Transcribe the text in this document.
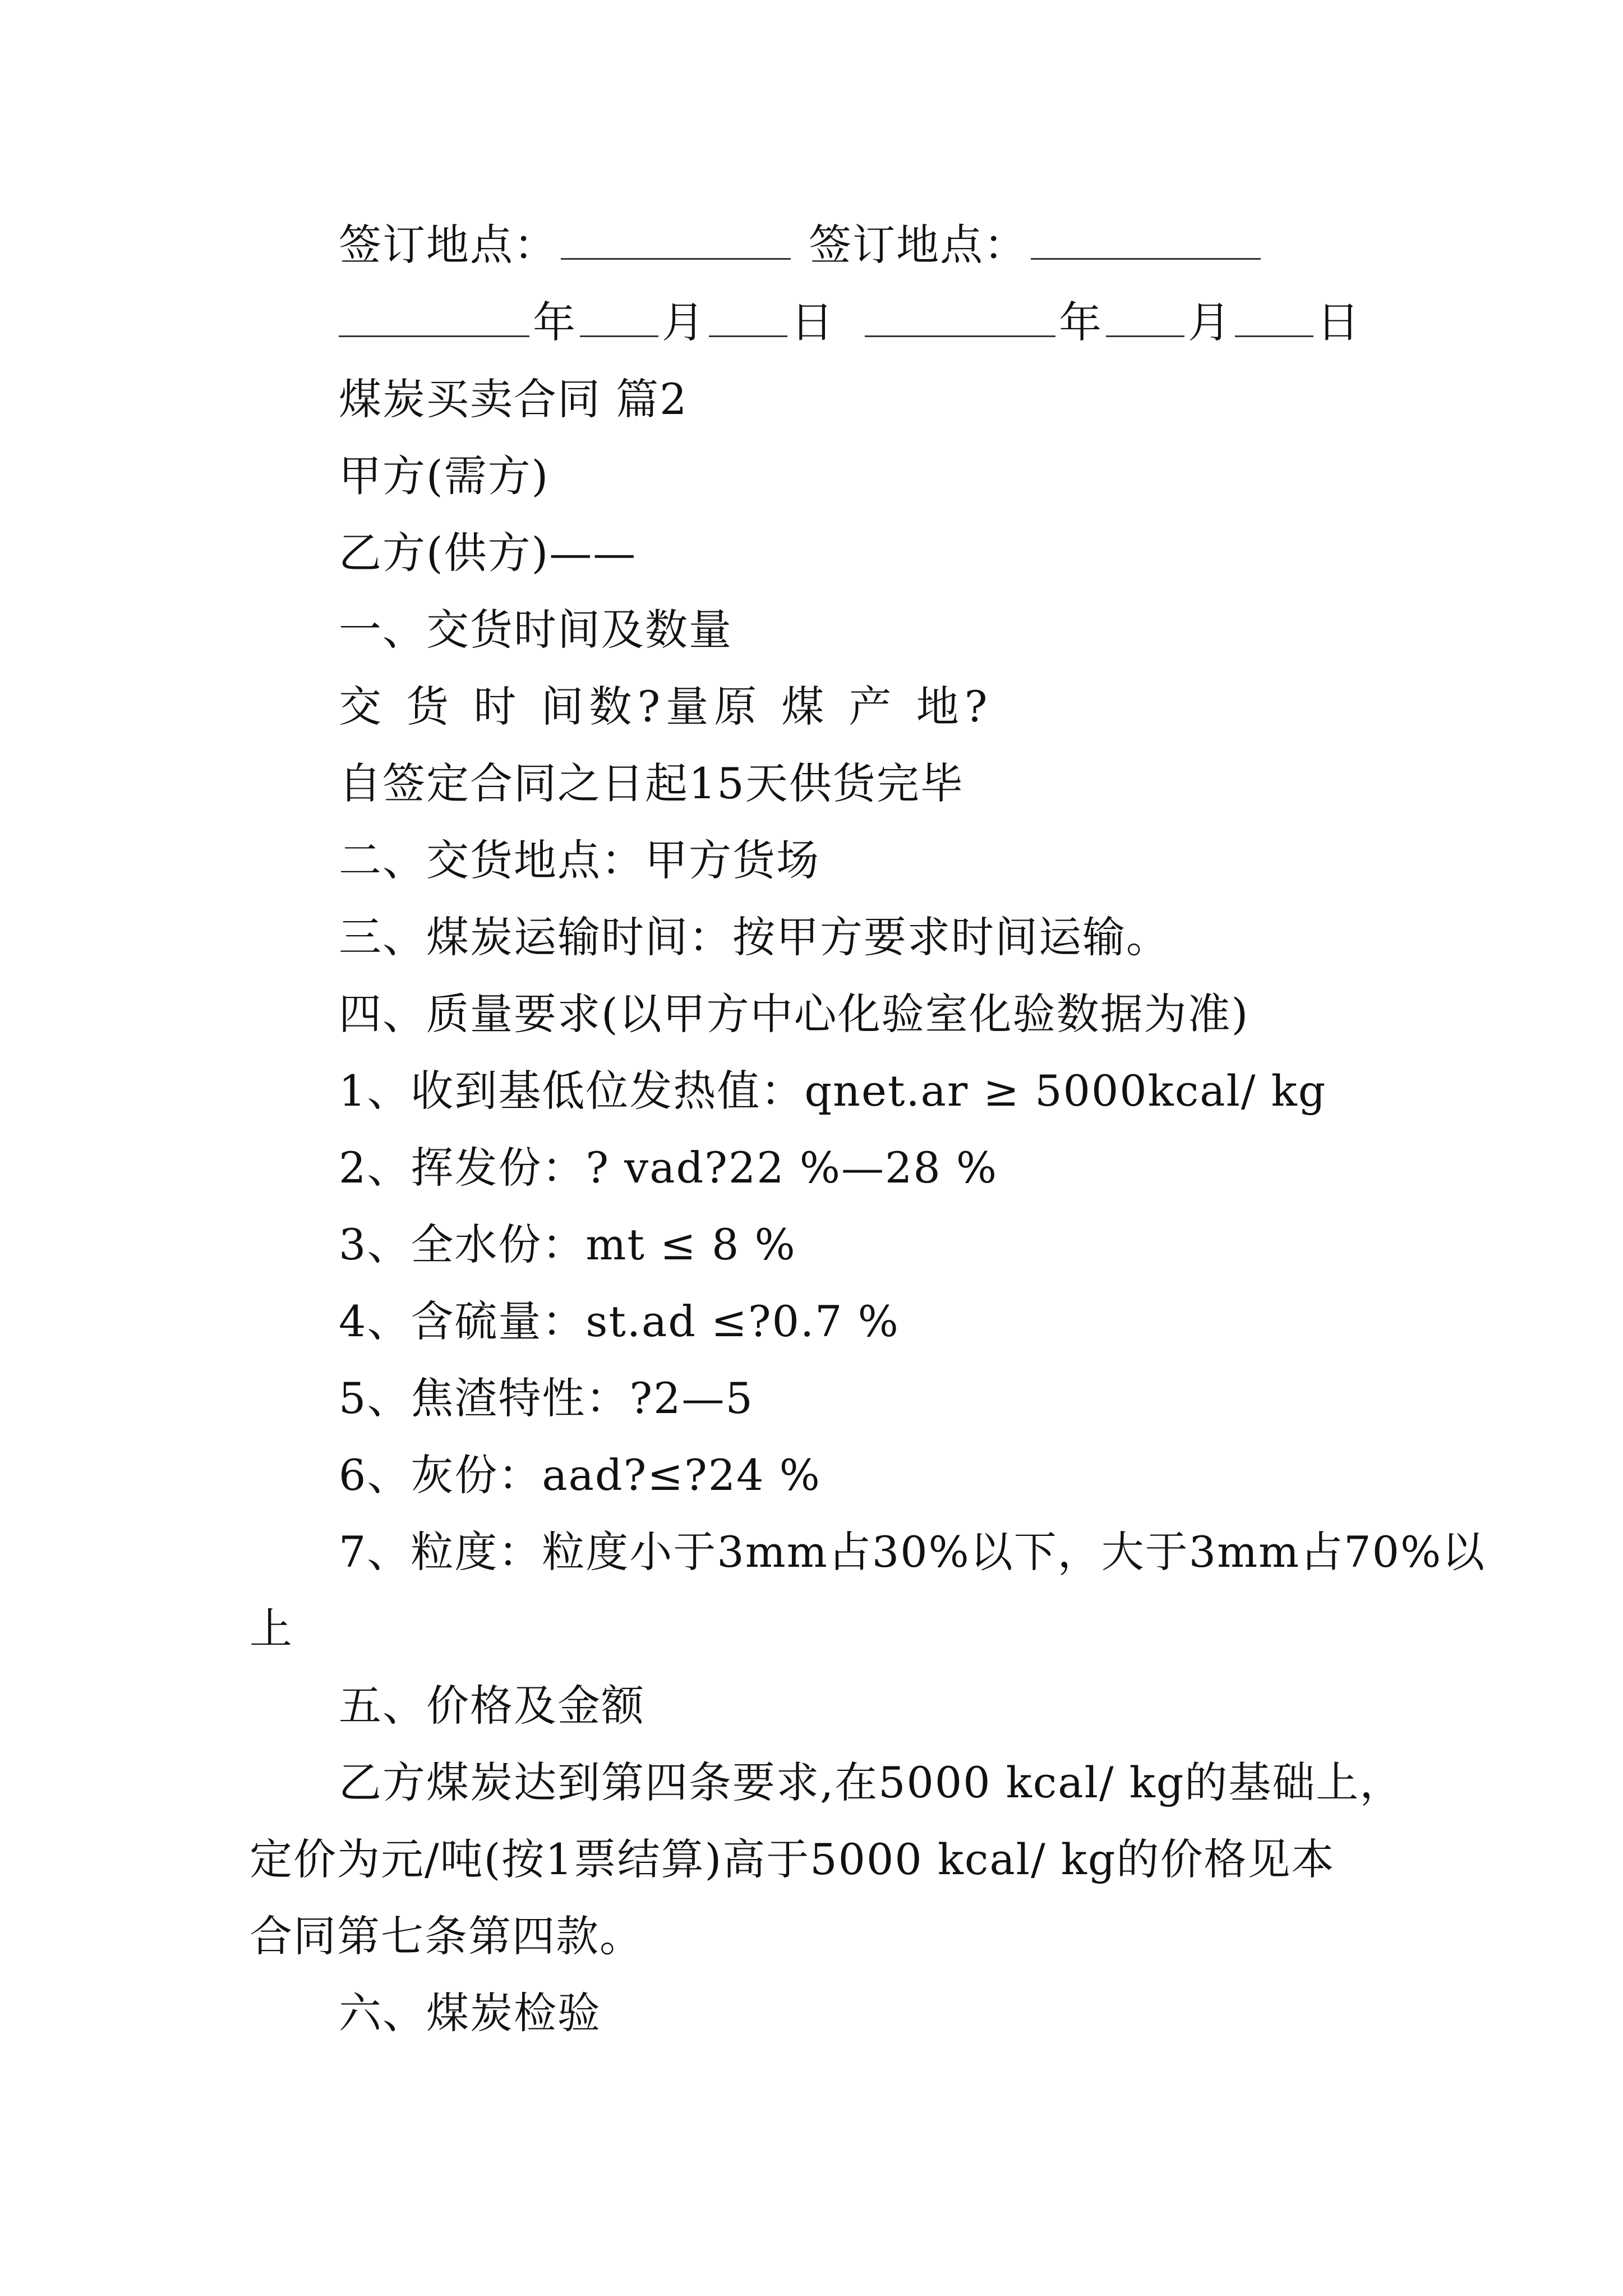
签订地点：	签订地点：
年 月 日	年 月 日
煤炭买卖合同 篇2
甲方(需方)
乙方(供方)——
一、交货时间及数量
交 货 时 间数?量原 煤 产 地?
自签定合同之日起15天供货完毕
二、交货地点：甲方货场
三、煤炭运输时间：按甲方要求时间运输。
四、质量要求(以甲方中心化验室化验数据为准)
1、收到基低位发热值：qnet.ar ≥ 5000kcal/ kg
2、挥发份：? vad?22 %—28 %
3、全水份：mt ≤ 8 %
4、含硫量：st.ad ≤?0.7 %
5、焦渣特性：?2—5
6、灰份：aad?≤?24 %
7、粒度：粒度小于3mm占30%以下，大于3mm占70%以
上
五、价格及金额
乙方煤炭达到第四条要求,在5000 kcal/ kg的基础上，
定价为元/吨(按1票结算)高于5000 kcal/ kg的价格见本
合同第七条第四款。
六、煤炭检验
